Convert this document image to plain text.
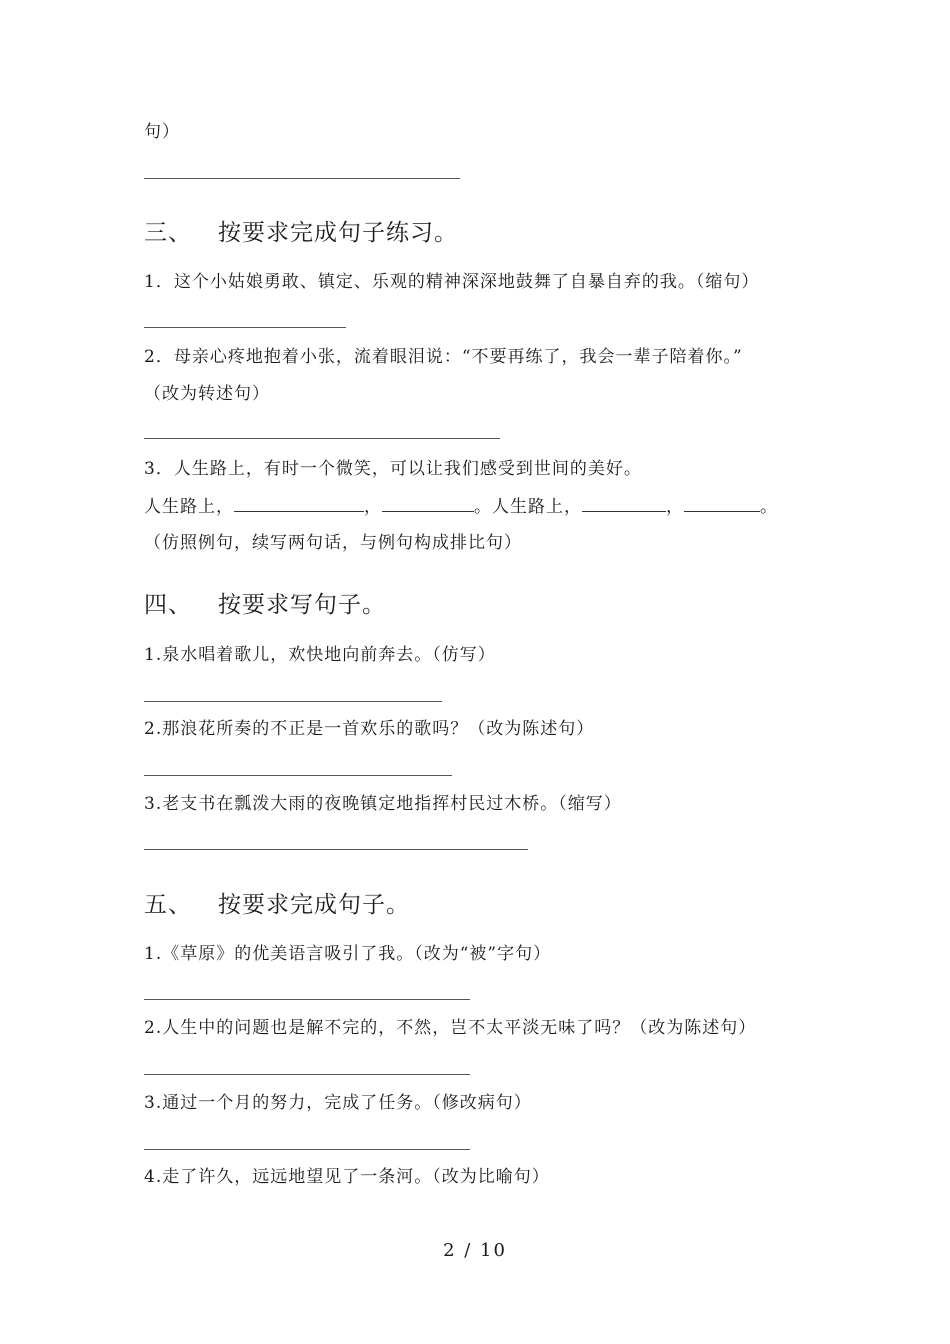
句）
三、 按要求完成句子练习。
1．这个小姑娘勇敢、镇定、乐观的精神深深地鼓舞了自暴自弃的我。（缩句）
2．母亲心疼地抱着小张，流着眼泪说：“不要再练了，我会一辈子陪着你。”
（改为转述句）
3．人生路上，有时一个微笑，可以让我们感受到世间的美好。
人生路上，	，	。人生路上，	，	。
（仿照例句，续写两句话，与例句构成排比句）
四、 按要求写句子。
1.泉水唱着歌儿，欢快地向前奔去。（仿写）
2.那浪花所奏的不正是一首欢乐的歌吗？（改为陈述句）
3.老支书在瓢泼大雨的夜晚镇定地指挥村民过木桥。（缩写）
五、 按要求完成句子。
1.《草原》的优美语言吸引了我。（改为“被”字句）
2.人生中的问题也是解不完的，不然，岂不太平淡无味了吗？（改为陈述句）
3.通过一个月的努力，完成了任务。（修改病句）
4.走了许久，远远地望见了一条河。（改为比喻句）
2 / 10
